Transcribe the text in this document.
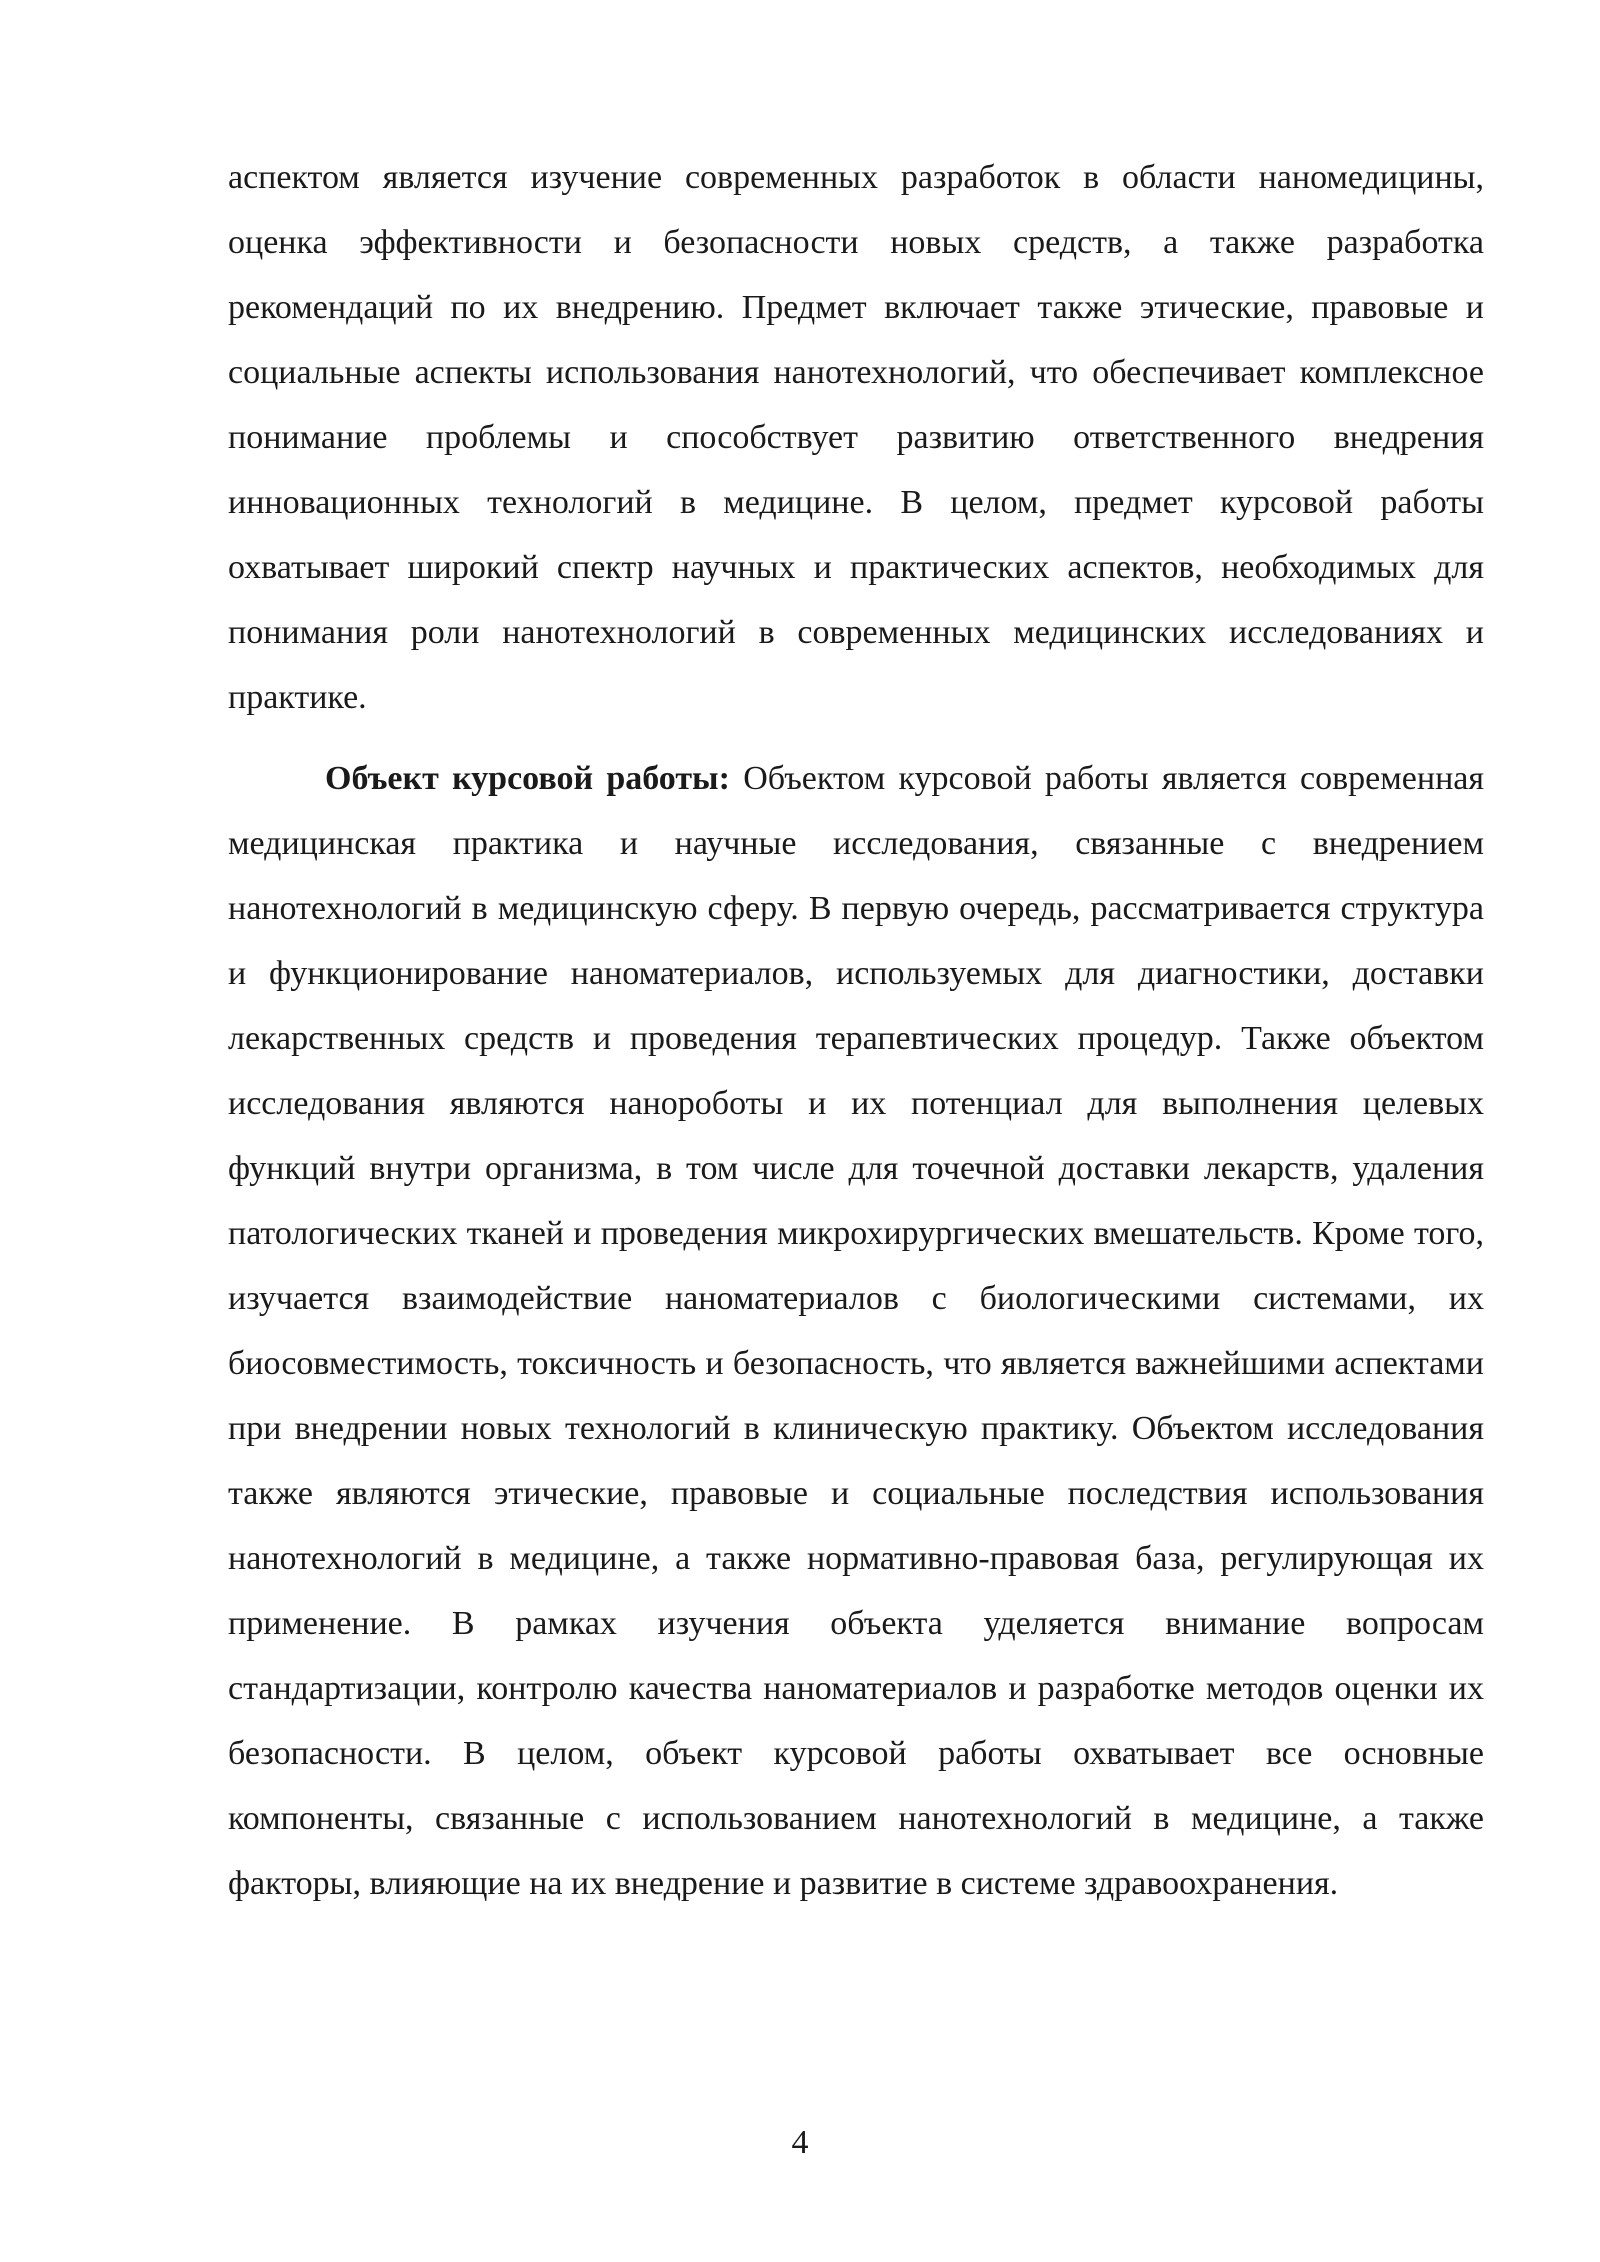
аспектом является изучение современных разработок в области наномедицины, оценка эффективности и безопасности новых средств, а также разработка рекомендаций по их внедрению. Предмет включает также этические, правовые и социальные аспекты использования нанотехнологий, что обеспечивает комплексное понимание проблемы и способствует развитию ответственного внедрения инновационных технологий в медицине. В целом, предмет курсовой работы охватывает широкий спектр научных и практических аспектов, необходимых для понимания роли нанотехнологий в современных медицинских исследованиях и практике.

Объект курсовой работы: Объектом курсовой работы является современная медицинская практика и научные исследования, связанные с внедрением нанотехнологий в медицинскую сферу. В первую очередь, рассматривается структура и функционирование наноматериалов, используемых для диагностики, доставки лекарственных средств и проведения терапевтических процедур. Также объектом исследования являются нанороботы и их потенциал для выполнения целевых функций внутри организма, в том числе для точечной доставки лекарств, удаления патологических тканей и проведения микрохирургических вмешательств. Кроме того, изучается взаимодействие наноматериалов с биологическими системами, их биосовместимость, токсичность и безопасность, что является важнейшими аспектами при внедрении новых технологий в клиническую практику. Объектом исследования также являются этические, правовые и социальные последствия использования нанотехнологий в медицине, а также нормативно-правовая база, регулирующая их применение. В рамках изучения объекта уделяется внимание вопросам стандартизации, контролю качества наноматериалов и разработке методов оценки их безопасности. В целом, объект курсовой работы охватывает все основные компоненты, связанные с использованием нанотехнологий в медицине, а также факторы, влияющие на их внедрение и развитие в системе здравоохранения.

4
